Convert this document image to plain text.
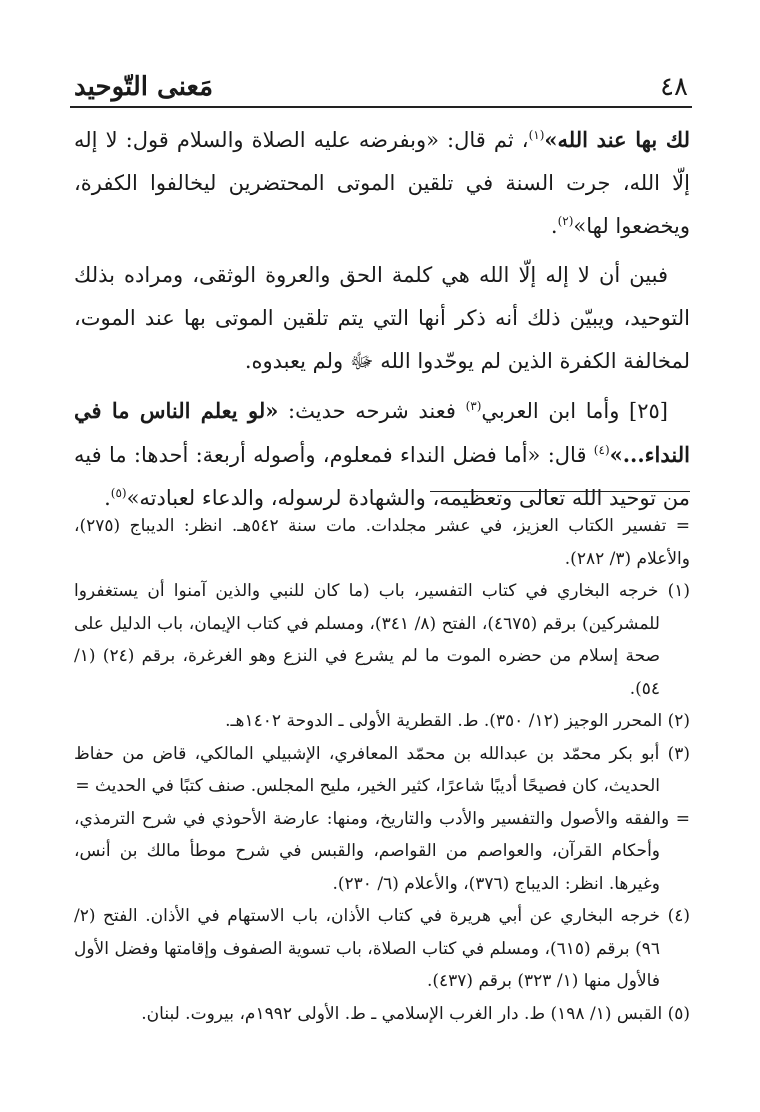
٤٨
مَعنى التّوحيد

لك بها عند الله»$^{(١)}$، ثم قال: «وبفرضه عليه الصلاة والسلام قول: لا إله إلّا الله، جرت السنة في تلقين الموتى المحتضرين ليخالفوا الكفرة، ويخضعوا لها»$^{(٢)}$.

فبين أن لا إله إلّا الله هي كلمة الحق والعروة الوثقى، ومراده بذلك التوحيد، ويبيّن ذلك أنه ذكر أنها التي يتم تلقين الموتى بها عند الموت، لمخالفة الكفرة الذين لم يوحّدوا الله ﷻ ولم يعبدوه.

[٢٥] وأما ابن العربي$^{(٣)}$ فعند شرحه حديث: «لو يعلم الناس ما في النداء...»$^{(٤)}$ قال: «أما فضل النداء فمعلوم، وأصوله أربعة: أحدها: ما فيه من توحيد الله تعالى وتعظيمه، والشهادة لرسوله، والدعاء لعبادته»$^{(٥)}$.

= تفسير الكتاب العزيز، في عشر مجلدات. مات سنة ٥٤٢هـ. انظر: الديباج (٢٧٥)، والأعلام (٣/ ٢٨٢).

(١) خرجه البخاري في كتاب التفسير، باب (ما كان للنبي والذين آمنوا أن يستغفروا للمشركين) برقم (٤٦٧٥)، الفتح (٨/ ٣٤١)، ومسلم في كتاب الإيمان، باب الدليل على صحة إسلام من حضره الموت ما لم يشرع في النزع وهو الغرغرة، برقم (٢٤) (١/ ٥٤).

(٢) المحرر الوجيز (١٢/ ٣٥٠). ط. القطرية الأولى ـ الدوحة ١٤٠٢هـ.

(٣) أبو بكر محمّد بن عبدالله بن محمّد المعافري، الإشبيلي المالكي، قاض من حفاظ الحديث، كان فصيحًا أديبًا شاعرًا، كثير الخير، مليح المجلس. صنف كتبًا في الحديث =

= والفقه والأصول والتفسير والأدب والتاريخ، ومنها: عارضة الأحوذي في شرح الترمذي، وأحكام القرآن، والعواصم من القواصم، والقبس في شرح موطأ مالك بن أنس، وغيرها. انظر: الديباج (٣٧٦)، والأعلام (٦/ ٢٣٠).

(٤) خرجه البخاري عن أبي هريرة في كتاب الأذان، باب الاستهام في الأذان. الفتح (٢/ ٩٦) برقم (٦١٥)، ومسلم في كتاب الصلاة، باب تسوية الصفوف وإقامتها وفضل الأول فالأول منها (١/ ٣٢٣) برقم (٤٣٧).

(٥) القبس (١/ ١٩٨) ط. دار الغرب الإسلامي ـ ط. الأولى ١٩٩٢م، بيروت. لبنان.
